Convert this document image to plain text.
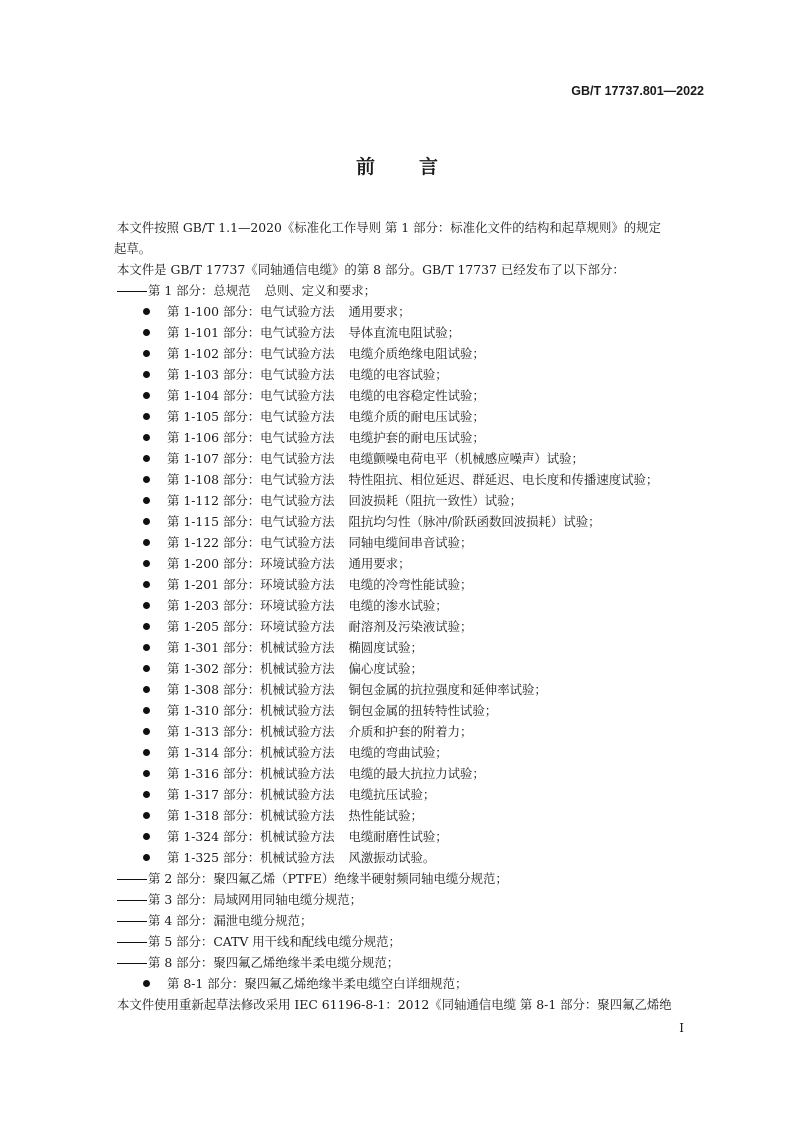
GB/T 17737.801—2022
前 言
本文件按照 GB/T 1.1—2020《标准化工作导则 第 1 部分：标准化文件的结构和起草规则》的规定
起草。
本文件是 GB/T 17737《同轴通信电缆》的第 8 部分。GB/T 17737 已经发布了以下部分：
第 1 部分：总规范 总则、定义和要求；
第 1-100 部分：电气试验方法 通用要求；
第 1-101 部分：电气试验方法 导体直流电阻试验；
第 1-102 部分：电气试验方法 电缆介质绝缘电阻试验；
第 1-103 部分：电气试验方法 电缆的电容试验；
第 1-104 部分：电气试验方法 电缆的电容稳定性试验；
第 1-105 部分：电气试验方法 电缆介质的耐电压试验；
第 1-106 部分：电气试验方法 电缆护套的耐电压试验；
第 1-107 部分：电气试验方法 电缆颤噪电荷电平（机械感应噪声）试验；
第 1-108 部分：电气试验方法 特性阻抗、相位延迟、群延迟、电长度和传播速度试验；
第 1-112 部分：电气试验方法 回波损耗（阻抗一致性）试验；
第 1-115 部分：电气试验方法 阻抗均匀性（脉冲/阶跃函数回波损耗）试验；
第 1-122 部分：电气试验方法 同轴电缆间串音试验；
第 1-200 部分：环境试验方法 通用要求；
第 1-201 部分：环境试验方法 电缆的冷弯性能试验；
第 1-203 部分：环境试验方法 电缆的渗水试验；
第 1-205 部分：环境试验方法 耐溶剂及污染液试验；
第 1-301 部分：机械试验方法 椭圆度试验；
第 1-302 部分：机械试验方法 偏心度试验；
第 1-308 部分：机械试验方法 铜包金属的抗拉强度和延伸率试验；
第 1-310 部分：机械试验方法 铜包金属的扭转特性试验；
第 1-313 部分：机械试验方法 介质和护套的附着力；
第 1-314 部分：机械试验方法 电缆的弯曲试验；
第 1-316 部分：机械试验方法 电缆的最大抗拉力试验；
第 1-317 部分：机械试验方法 电缆抗压试验；
第 1-318 部分：机械试验方法 热性能试验；
第 1-324 部分：机械试验方法 电缆耐磨性试验；
第 1-325 部分：机械试验方法 风激振动试验。
第 2 部分：聚四氟乙烯（PTFE）绝缘半硬射频同轴电缆分规范；
第 3 部分：局域网用同轴电缆分规范；
第 4 部分：漏泄电缆分规范；
第 5 部分：CATV 用干线和配线电缆分规范；
第 8 部分：聚四氟乙烯绝缘半柔电缆分规范；
第 8-1 部分：聚四氟乙烯绝缘半柔电缆空白详细规范；
本文件使用重新起草法修改采用 IEC 61196-8-1：2012《同轴通信电缆 第 8-1 部分：聚四氟乙烯绝
I
